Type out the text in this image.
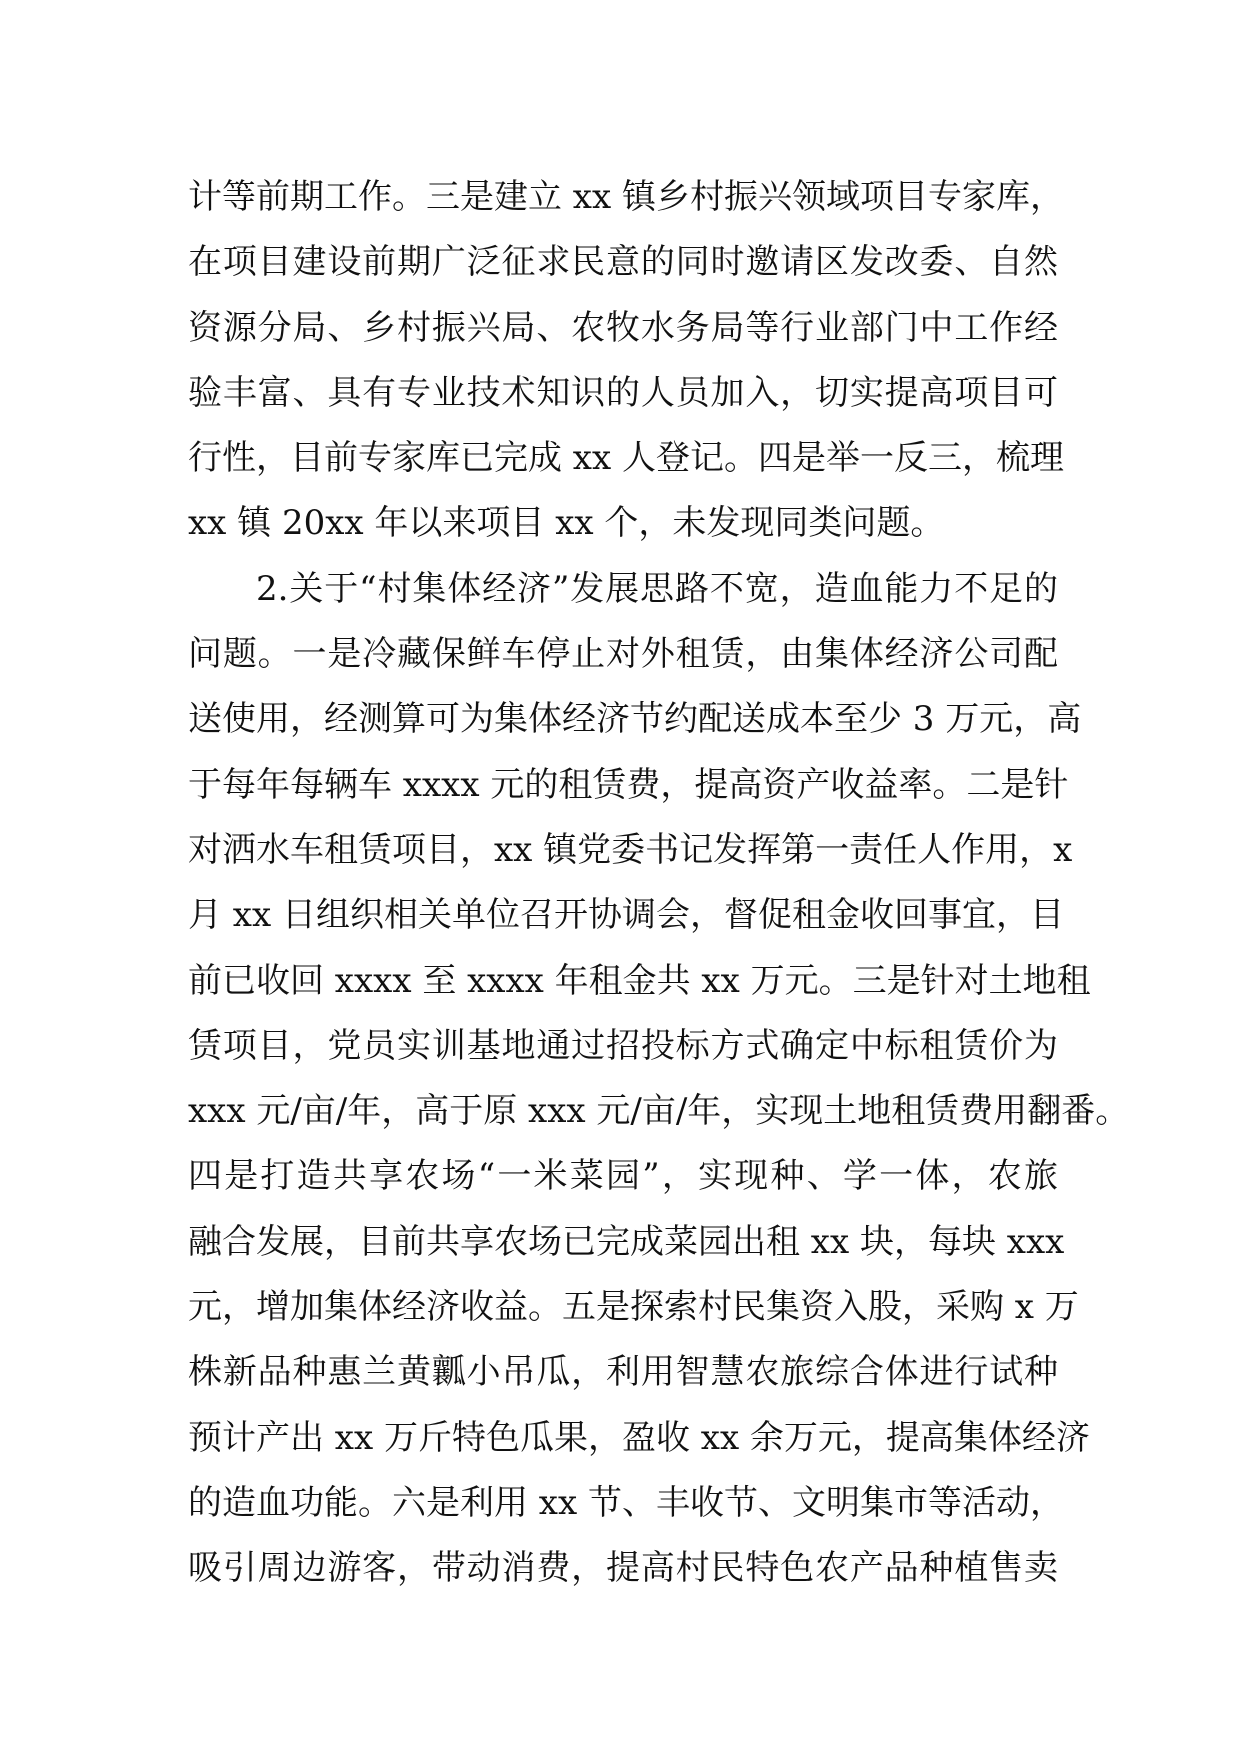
计等前期工作。三是建立 xx 镇乡村振兴领域项目专家库，
在项目建设前期广泛征求民意的同时邀请区发改委、自然
资源分局、乡村振兴局、农牧水务局等行业部门中工作经
验丰富、具有专业技术知识的人员加入，切实提高项目可
行性，目前专家库已完成 xx 人登记。四是举一反三，梳理
xx 镇 20xx 年以来项目 xx 个，未发现同类问题。
2.关于“村集体经济”发展思路不宽，造血能力不足的
问题。一是冷藏保鲜车停止对外租赁，由集体经济公司配
送使用，经测算可为集体经济节约配送成本至少 3 万元，高
于每年每辆车 xxxx 元的租赁费，提高资产收益率。二是针
对洒水车租赁项目，xx 镇党委书记发挥第一责任人作用，x
月 xx 日组织相关单位召开协调会，督促租金收回事宜，目
前已收回 xxxx 至 xxxx 年租金共 xx 万元。三是针对土地租
赁项目，党员实训基地通过招投标方式确定中标租赁价为
xxx 元/亩/年，高于原 xxx 元/亩/年，实现土地租赁费用翻番。
四是打造共享农场“一米菜园”，实现种、学一体，农旅
融合发展，目前共享农场已完成菜园出租 xx 块，每块 xxx
元，增加集体经济收益。五是探索村民集资入股，采购 x 万
株新品种惠兰黄瓤小吊瓜，利用智慧农旅综合体进行试种
预计产出 xx 万斤特色瓜果，盈收 xx 余万元，提高集体经济
的造血功能。六是利用 xx 节、丰收节、文明集市等活动，
吸引周边游客，带动消费，提高村民特色农产品种植售卖
